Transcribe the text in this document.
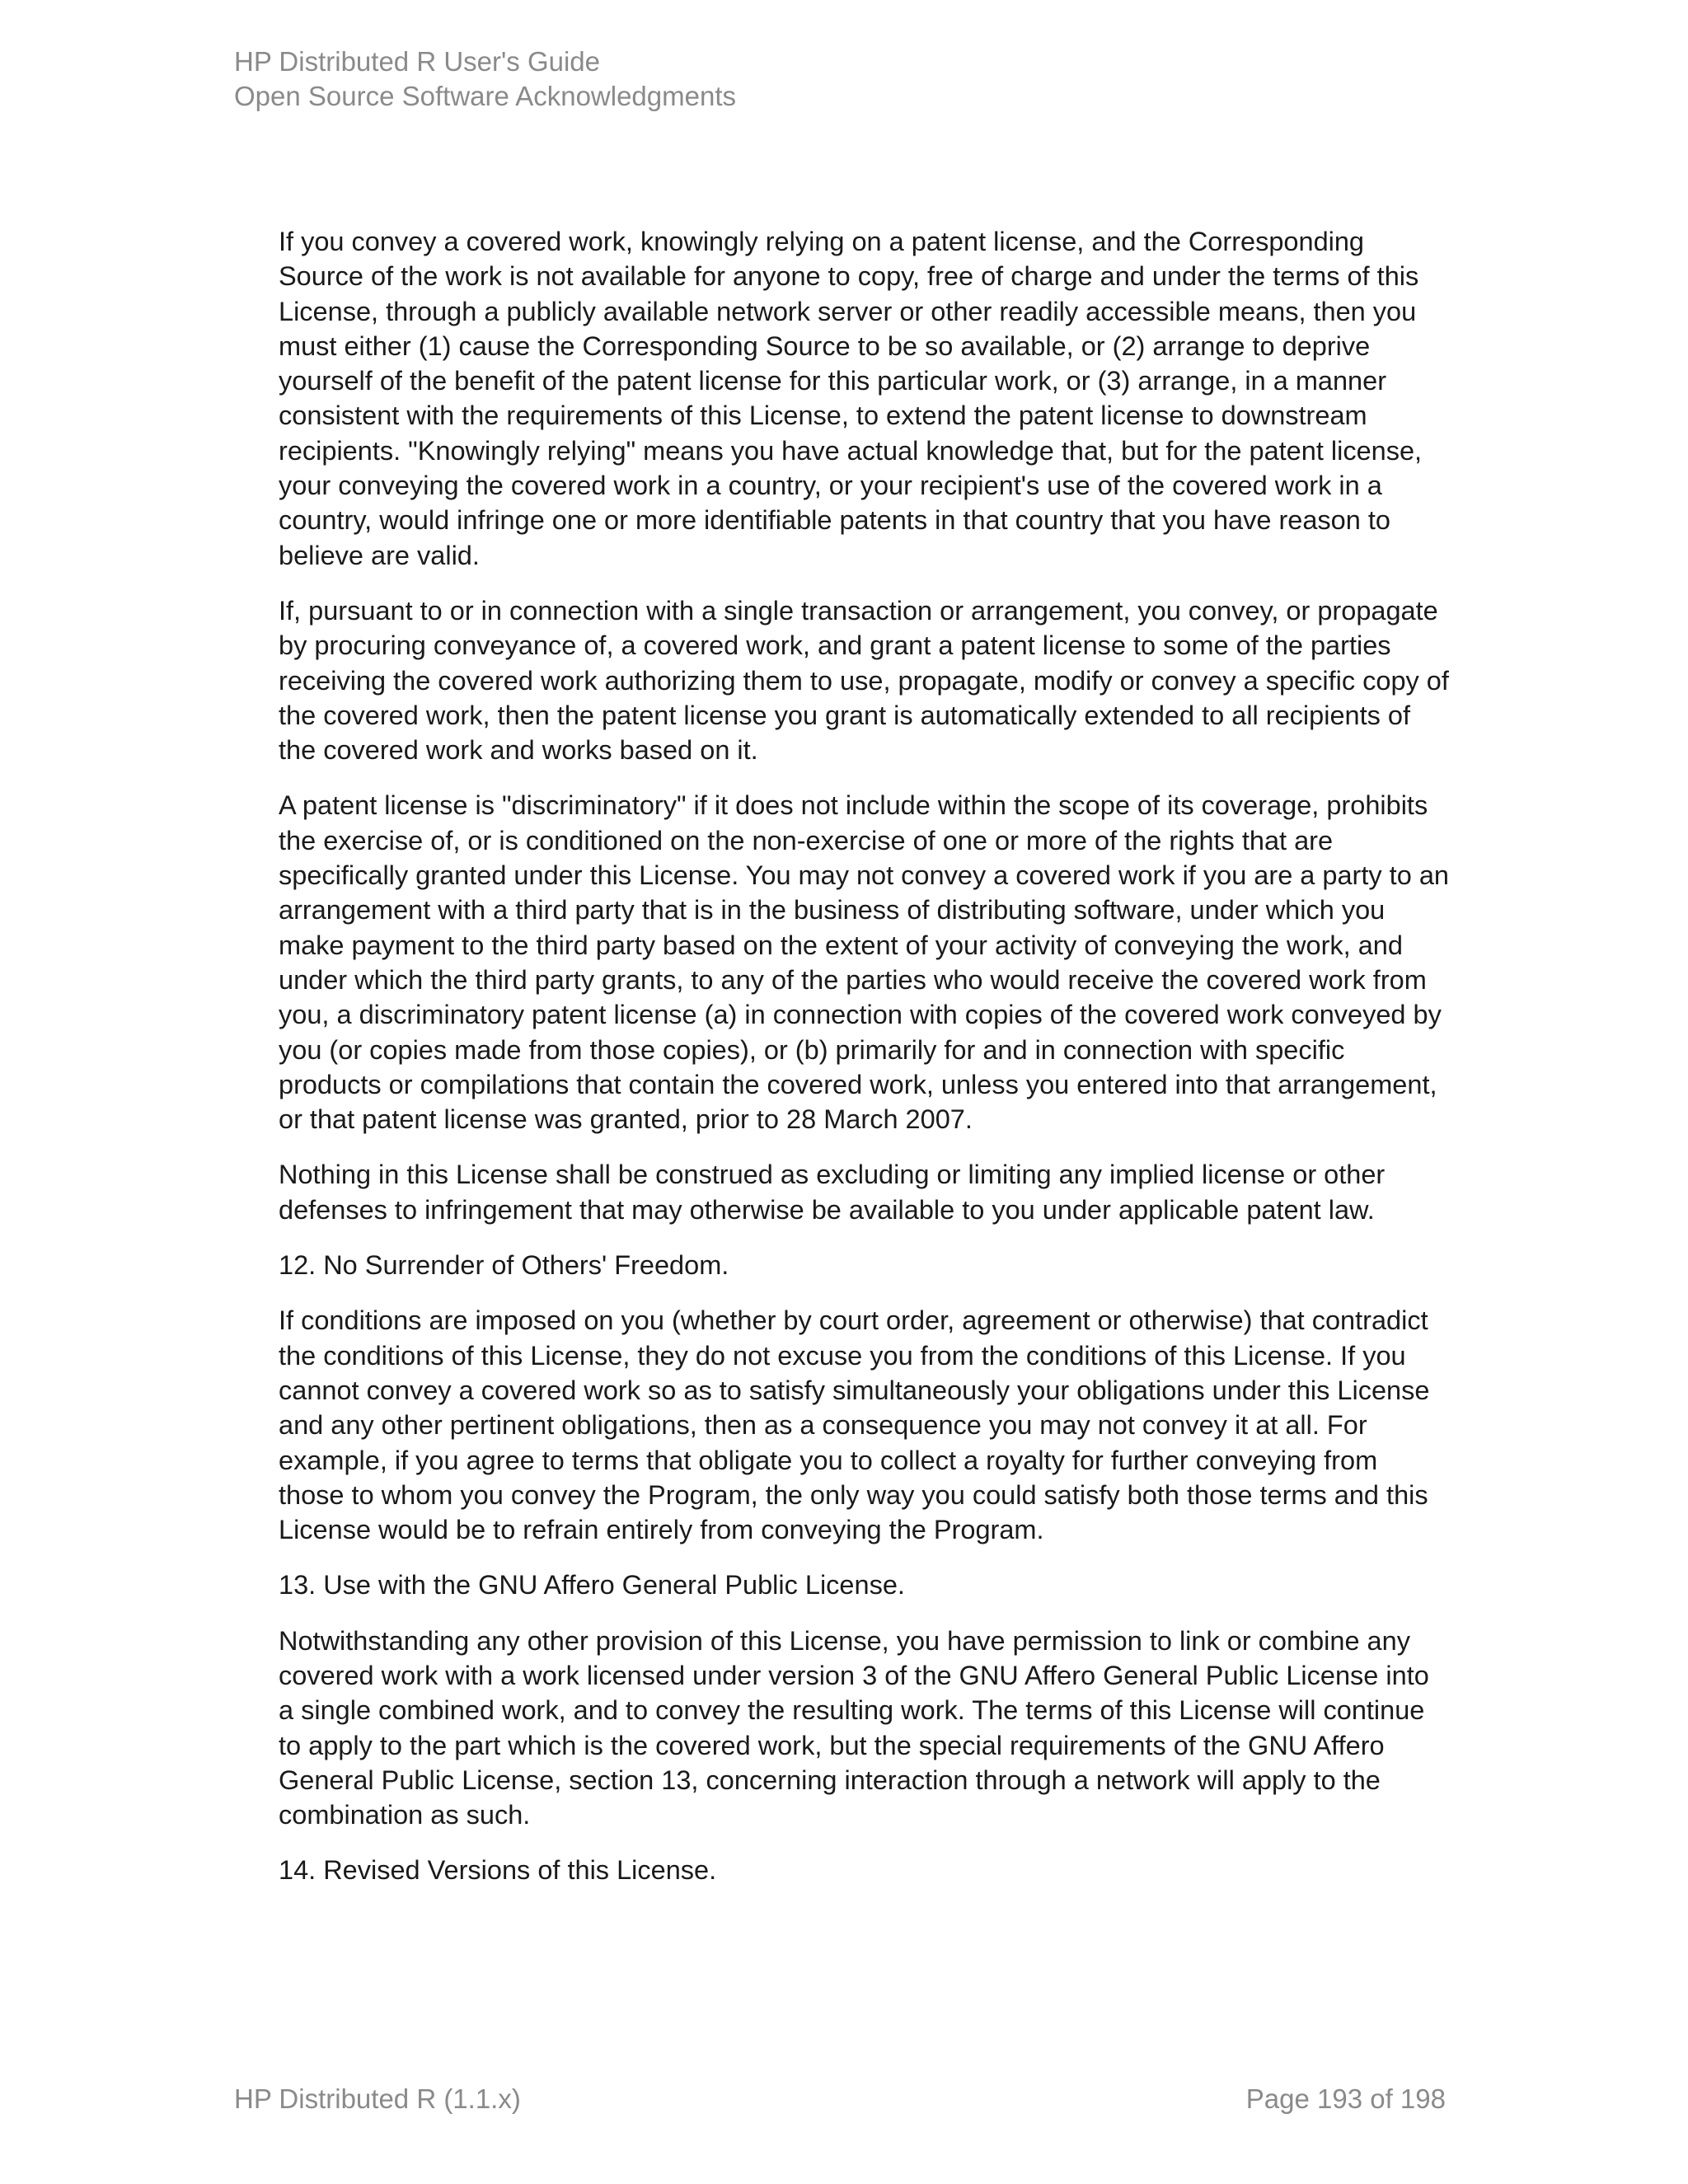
HP Distributed R User's Guide
Open Source Software Acknowledgments

If you convey a covered work, knowingly relying on a patent license, and the Corresponding Source of the work is not available for anyone to copy, free of charge and under the terms of this License, through a publicly available network server or other readily accessible means, then you must either (1) cause the Corresponding Source to be so available, or (2) arrange to deprive yourself of the benefit of the patent license for this particular work, or (3) arrange, in a manner consistent with the requirements of this License, to extend the patent license to downstream recipients. "Knowingly relying" means you have actual knowledge that, but for the patent license, your conveying the covered work in a country, or your recipient's use of the covered work in a country, would infringe one or more identifiable patents in that country that you have reason to believe are valid.

If, pursuant to or in connection with a single transaction or arrangement, you convey, or propagate by procuring conveyance of, a covered work, and grant a patent license to some of the parties receiving the covered work authorizing them to use, propagate, modify or convey a specific copy of the covered work, then the patent license you grant is automatically extended to all recipients of the covered work and works based on it.

A patent license is "discriminatory" if it does not include within the scope of its coverage, prohibits the exercise of, or is conditioned on the non-exercise of one or more of the rights that are specifically granted under this License. You may not convey a covered work if you are a party to an arrangement with a third party that is in the business of distributing software, under which you make payment to the third party based on the extent of your activity of conveying the work, and under which the third party grants, to any of the parties who would receive the covered work from you, a discriminatory patent license (a) in connection with copies of the covered work conveyed by you (or copies made from those copies), or (b) primarily for and in connection with specific products or compilations that contain the covered work, unless you entered into that arrangement, or that patent license was granted, prior to 28 March 2007.

Nothing in this License shall be construed as excluding or limiting any implied license or other defenses to infringement that may otherwise be available to you under applicable patent law.

12. No Surrender of Others' Freedom.

If conditions are imposed on you (whether by court order, agreement or otherwise) that contradict the conditions of this License, they do not excuse you from the conditions of this License. If you cannot convey a covered work so as to satisfy simultaneously your obligations under this License and any other pertinent obligations, then as a consequence you may not convey it at all. For example, if you agree to terms that obligate you to collect a royalty for further conveying from those to whom you convey the Program, the only way you could satisfy both those terms and this License would be to refrain entirely from conveying the Program.

13. Use with the GNU Affero General Public License.

Notwithstanding any other provision of this License, you have permission to link or combine any covered work with a work licensed under version 3 of the GNU Affero General Public License into a single combined work, and to convey the resulting work. The terms of this License will continue to apply to the part which is the covered work, but the special requirements of the GNU Affero General Public License, section 13, concerning interaction through a network will apply to the combination as such.

14. Revised Versions of this License.

HP Distributed R (1.1.x)	Page 193 of 198
